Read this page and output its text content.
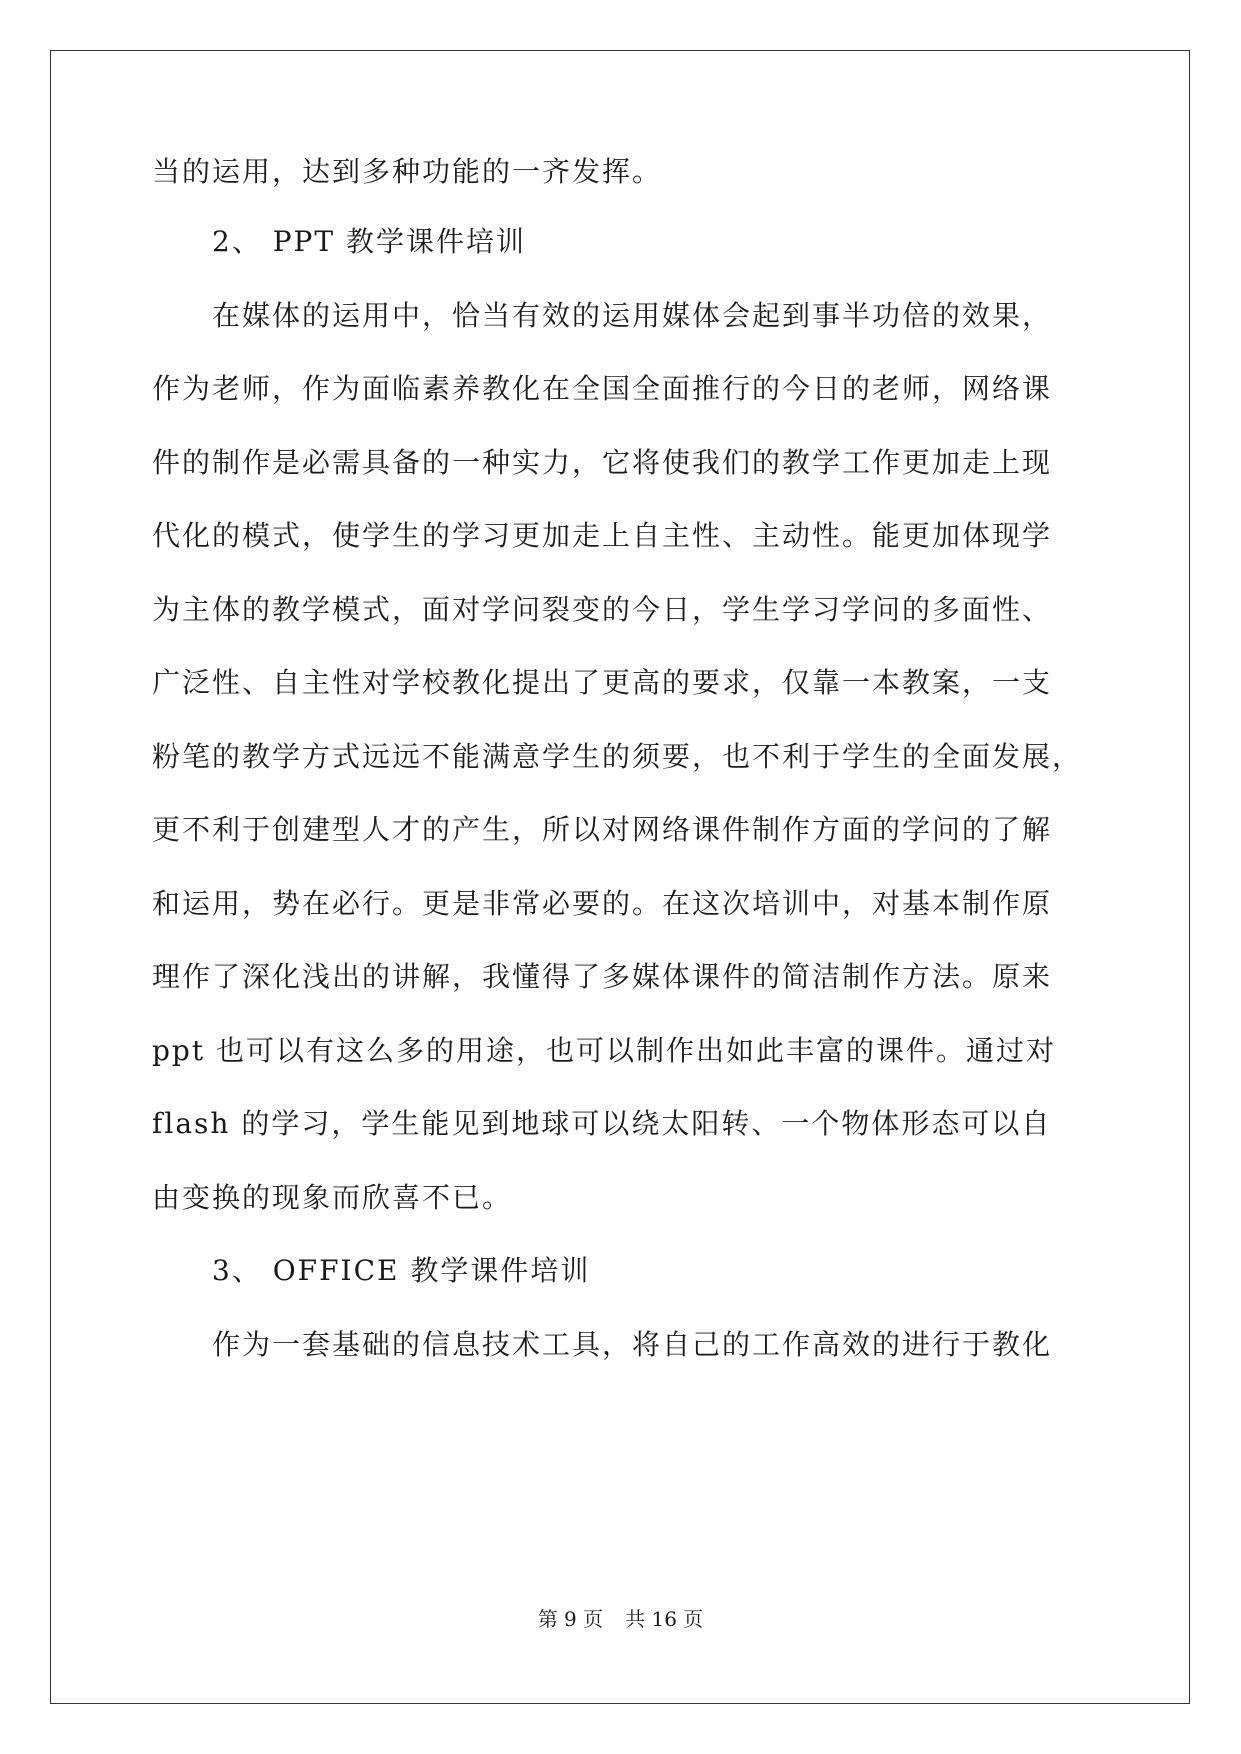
当的运用，达到多种功能的一齐发挥。
2、 PPT 教学课件培训
在媒体的运用中，恰当有效的运用媒体会起到事半功倍的效果，
作为老师，作为面临素养教化在全国全面推行的今日的老师，网络课
件的制作是必需具备的一种实力，它将使我们的教学工作更加走上现
代化的模式，使学生的学习更加走上自主性、主动性。能更加体现学
为主体的教学模式，面对学问裂变的今日，学生学习学问的多面性、
广泛性、自主性对学校教化提出了更高的要求，仅靠一本教案，一支
粉笔的教学方式远远不能满意学生的须要，也不利于学生的全面发展，
更不利于创建型人才的产生，所以对网络课件制作方面的学问的了解
和运用，势在必行。更是非常必要的。在这次培训中，对基本制作原
理作了深化浅出的讲解，我懂得了多媒体课件的简洁制作方法。原来
ppt 也可以有这么多的用途，也可以制作出如此丰富的课件。通过对
flash 的学习，学生能见到地球可以绕太阳转、一个物体形态可以自
由变换的现象而欣喜不已。
3、 OFFICE 教学课件培训
作为一套基础的信息技术工具，将自己的工作高效的进行于教化
第 9 页 共 16 页
